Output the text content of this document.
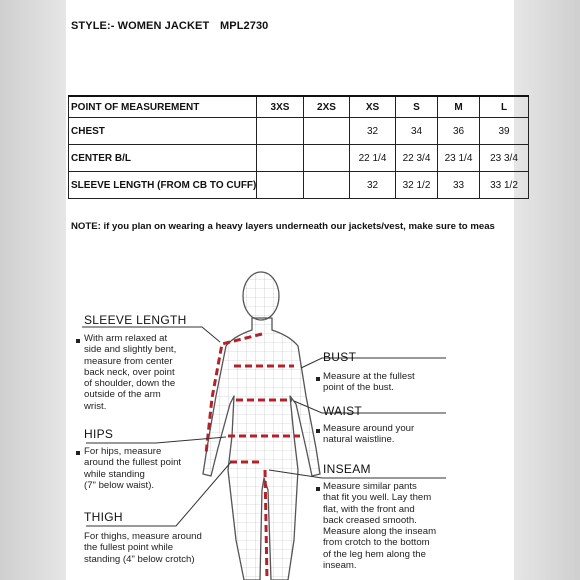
STYLE:- WOMEN JACKET MPL2730
POINT OF MEASUREMENT	3XS	2XS	XS	S	M	L
CHEST			32	34	36	39
CENTER B/L			22 1/4	22 3/4	23 1/4	23 3/4
SLEEVE LENGTH (FROM CB TO CUFF)			32	32 1/2	33	33 1/2
NOTE: if you plan on wearing a heavy layers underneath our jackets/vest, make sure to meas
SLEEVE LENGTH
With arm relaxed at
side and slightly bent,
measure from center
back neck, over point
of shoulder, down the
outside of the arm
wrist.
HIPS
For hips, measure
around the fullest point
while standing
(7" below waist).
THIGH
For thighs, measure around
the fullest point while
standing (4" below crotch)
BUST
Measure at the fullest
point of the bust.
WAIST
Measure around your
natural waistline.
INSEAM
Measure similar pants
that fit you well. Lay them
flat, with the front and
back creased smooth.
Measure along the inseam
from crotch to the bottom
of the leg hem along the
inseam.
